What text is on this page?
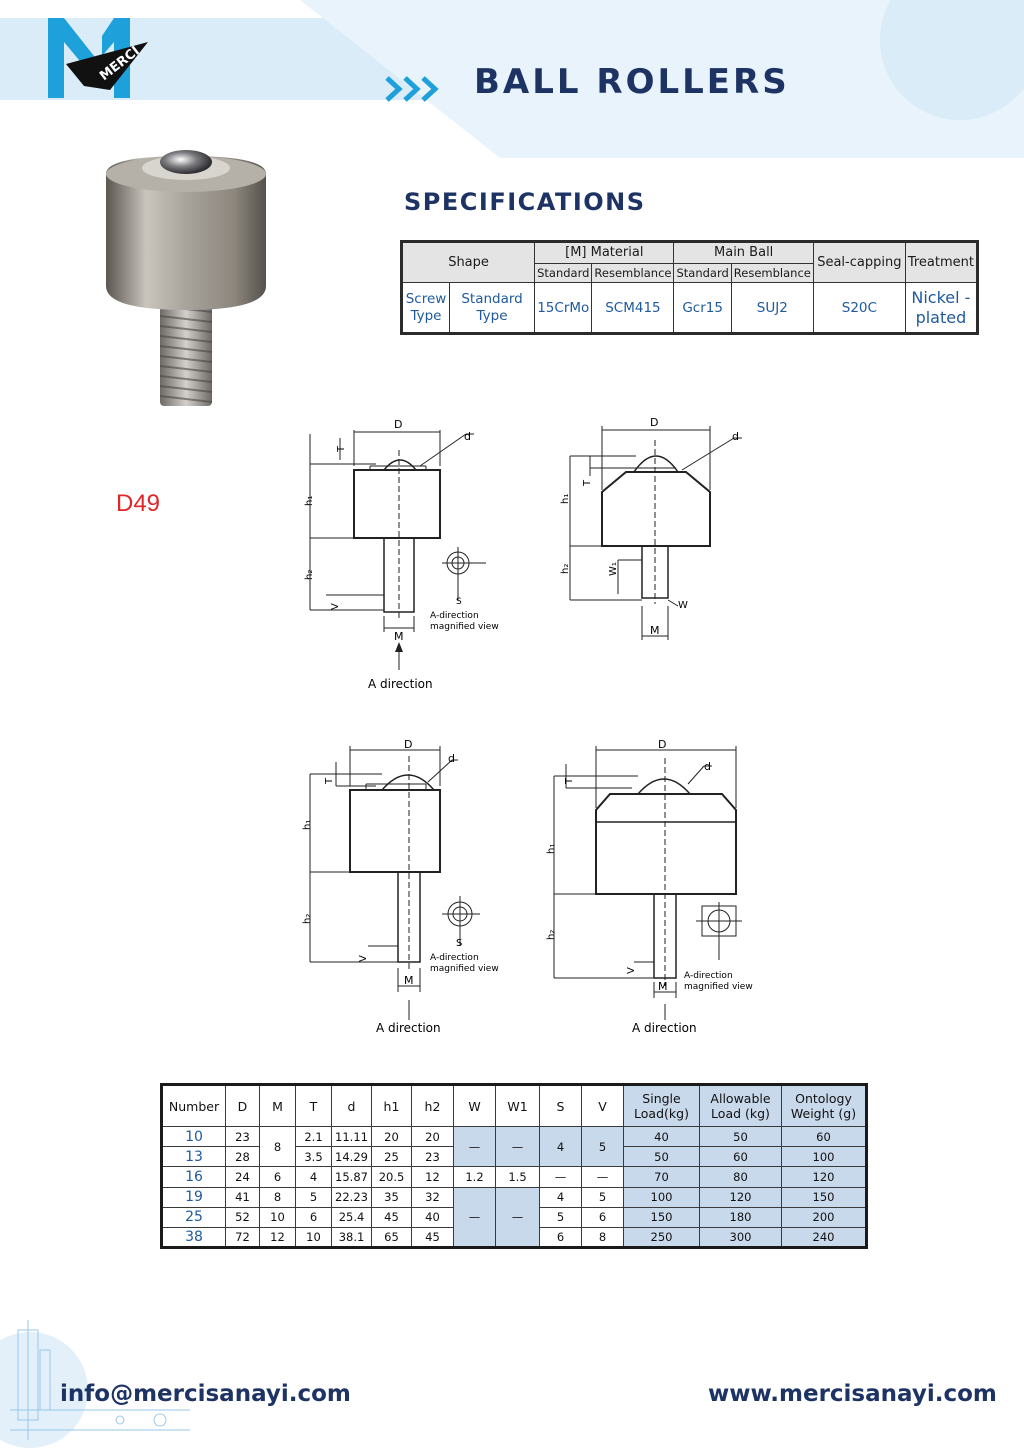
MERCI	BALL ROLLERS
D49
SPECIFICATIONS
Shape		[M] Material		Main Ball		Seal-capping	Treatment
		Standard	Resemblance	Standard	Resemblance		
Screw Type	Standard Type	15CrMo	SCM415	Gcr15	SUJ2	S20C	Nickel -plated
D
d
T
h₁
h₂
V
M
S
A-direction
magnified view
A direction
D
d
T
h₁
h₂	W₁
W
M
D
d
T
h₁
h₂
V
M
S
A-direction
magnified view
A direction
D
d
T
h₁
h₂
V
M
A-direction
magnified view
A direction
Number	D	M	T	d	h1	h2	W	W1	S	V	Single Load(kg)	Allowable Load (kg)	Ontology Weight (g)
10	23	8	2.1	11.11	20	20	—	—	4	5	40	50	60
13	28		3.5	14.29	25	23					50	60	100
16	24	6	4	15.87	20.5	12	1.2	1.5	—	—	70	80	120
19	41	8	5	22.23	35	32	—	—	4	5	100	120	150
25	52	10	6	25.4	45	40			5	6	150	180	200
38	72	12	10	38.1	65	45			6	8	250	300	240
info@mercisanayi.com	www.mercisanayi.com
